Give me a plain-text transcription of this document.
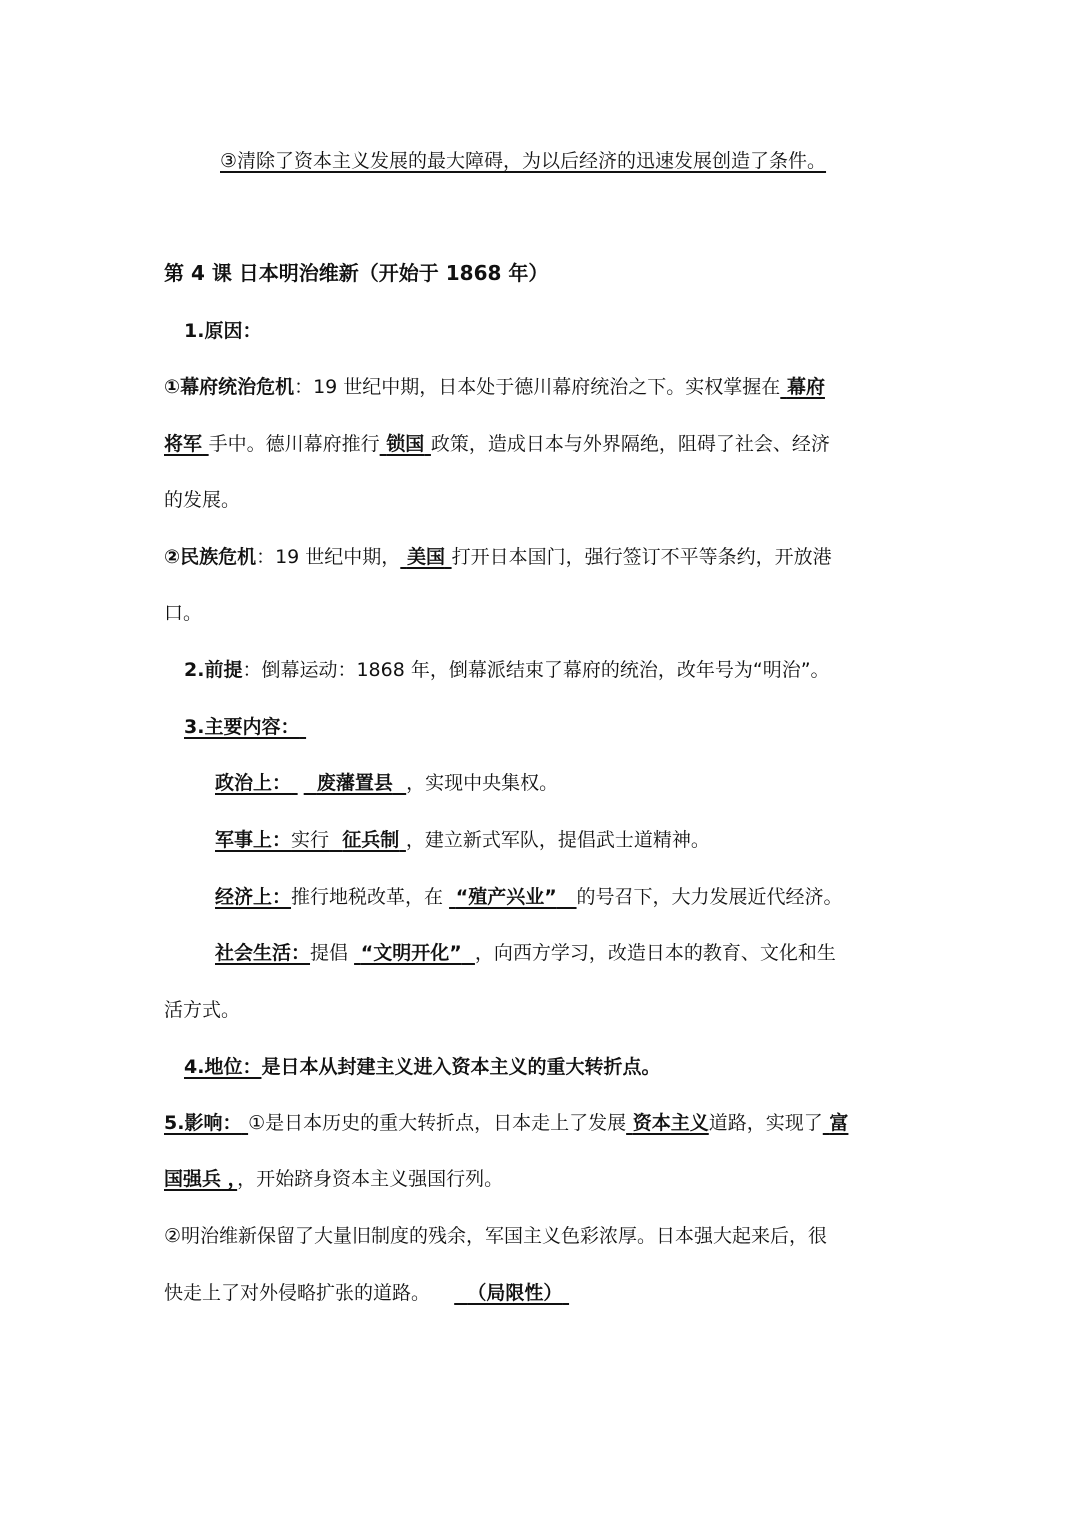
③清除了资本主义发展的最大障碍，为以后经济的迅速发展创造了条件。
第 4 课 日本明治维新（开始于 1868 年）
1.原因：
①幕府统治危机：19 世纪中期，日本处于德川幕府统治之下。实权掌握在 幕府
将军 手中。德川幕府推行 锁国 政策，造成日本与外界隔绝，阻碍了社会、经济
的发展。
②民族危机：19 世纪中期， 美国 打开日本国门，强行签订不平等条约，开放港
口。
2.前提：倒幕运动：1868 年，倒幕派结束了幕府的统治，改年号为“明治”。
3.主要内容：
政治上： 废藩置县 ，实现中央集权。
军事上：实行 征兵制 ，建立新式军队，提倡武士道精神。
经济上：推行地税改革，在 “殖产兴业” 的号召下，大力发展近代经济。
社会生活：提倡 “文明开化” ，向西方学习，改造日本的教育、文化和生
活方式。
4.地位：是日本从封建主义进入资本主义的重大转折点。
5.影响： ①是日本历史的重大转折点，日本走上了发展 资本主义道路，实现了 富
国强兵 ，，开始跻身资本主义强国行列。
②明治维新保留了大量旧制度的残余，军国主义色彩浓厚。日本强大起来后，很
快走上了对外侵略扩张的道路。 （局限性）
